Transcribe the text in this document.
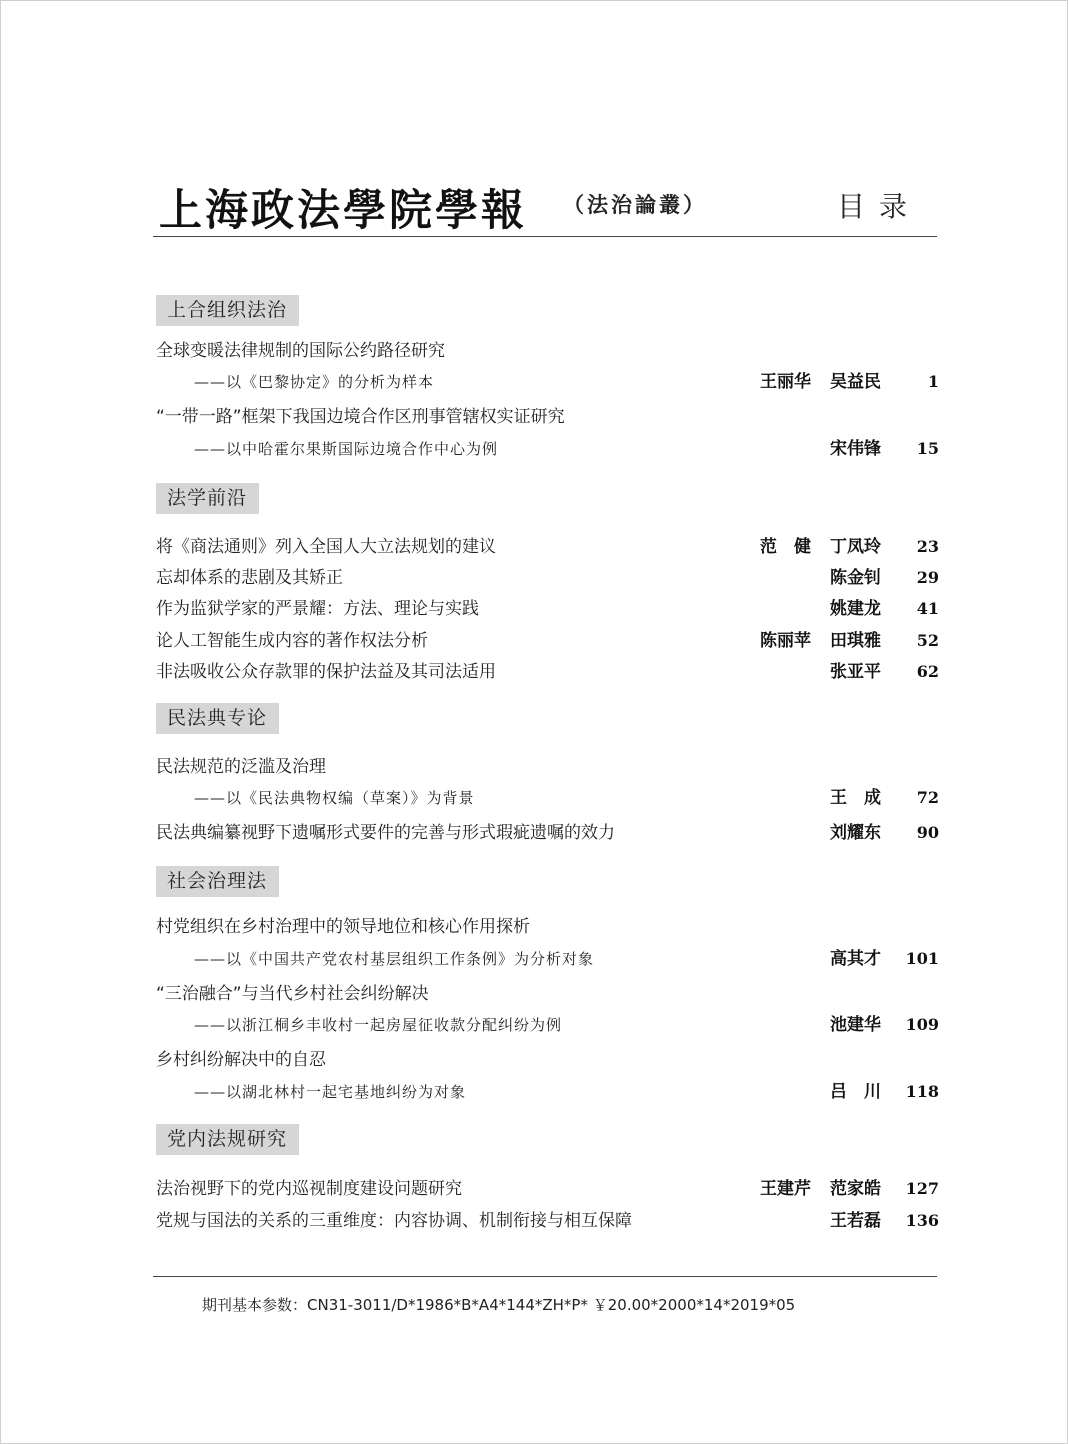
上海政法學院學報 （法治論叢）	目录
上合组织法治
全球变暖法律规制的国际公约路径研究
——以《巴黎协定》的分析为样本	王丽华 吴益民	1
“一带一路”框架下我国边境合作区刑事管辖权实证研究
——以中哈霍尔果斯国际边境合作中心为例	宋伟锋 15
法学前沿
将《商法通则》列入全国人大立法规划的建议	范　健 丁凤玲 23
忘却体系的悲剧及其矫正	陈金钊 29
作为监狱学家的严景耀：方法、理论与实践	姚建龙 41
论人工智能生成内容的著作权法分析	陈丽苹 田琪雅 52
非法吸收公众存款罪的保护法益及其司法适用	张亚平 62
民法典专论
民法规范的泛滥及治理
——以《民法典物权编（草案）》为背景	王　成 72
民法典编纂视野下遗嘱形式要件的完善与形式瑕疵遗嘱的效力	刘耀东 90
社会治理法
村党组织在乡村治理中的领导地位和核心作用探析
——以《中国共产党农村基层组织工作条例》为分析对象	高其才 101
“三治融合”与当代乡村社会纠纷解决
——以浙江桐乡丰收村一起房屋征收款分配纠纷为例	池建华 109
乡村纠纷解决中的自忍
——以湖北林村一起宅基地纠纷为对象	吕　川 118
党内法规研究
法治视野下的党内巡视制度建设问题研究	王建芹 范家皓 127
党规与国法的关系的三重维度：内容协调、机制衔接与相互保障	王若磊 136
期刊基本参数：CN31-3011/D*1986*B*A4*144*ZH*P* ￥20.00*2000*14*2019*05
